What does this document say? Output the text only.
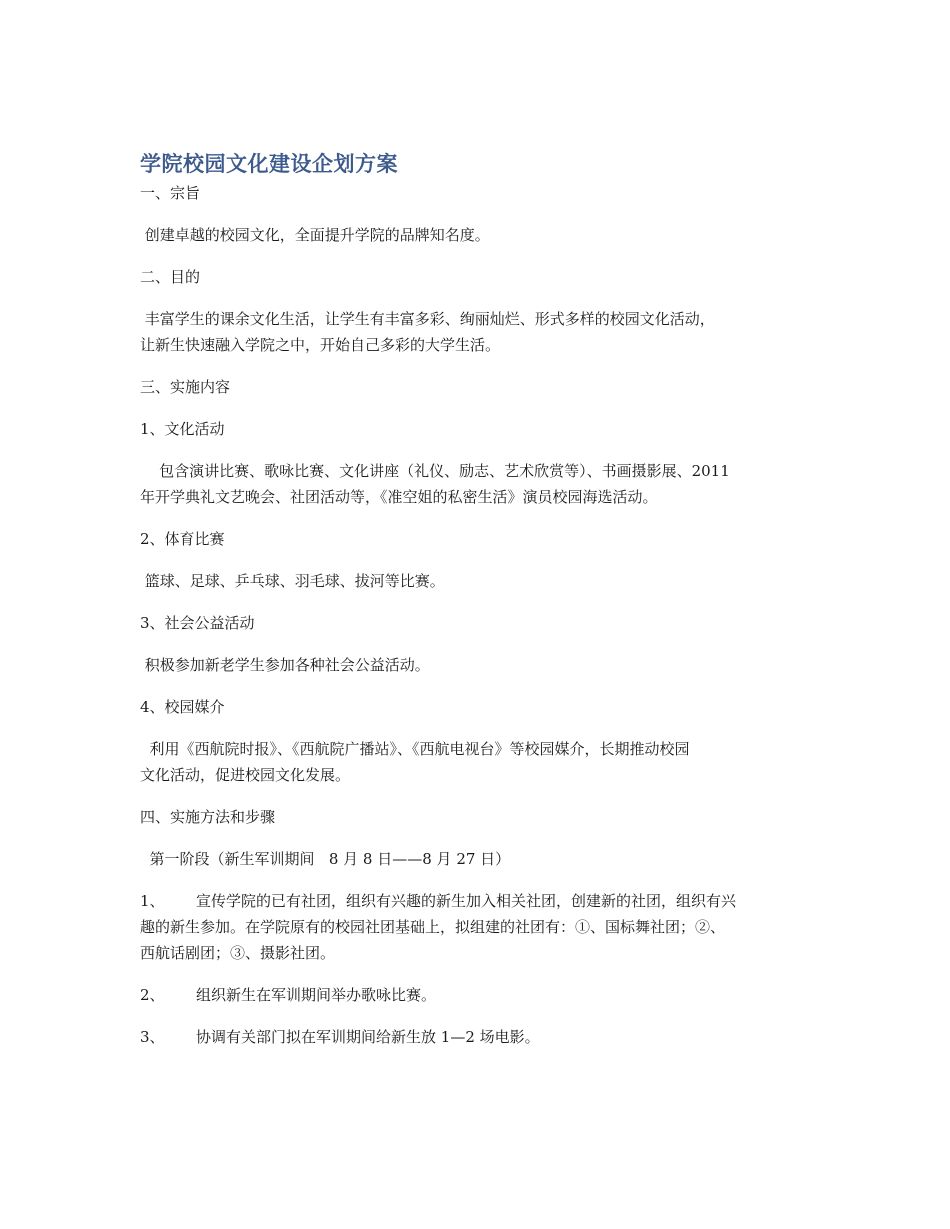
学院校园文化建设企划方案

一、宗旨

创建卓越的校园文化，全面提升学院的品牌知名度。

二、目的

丰富学生的课余文化生活，让学生有丰富多彩、绚丽灿烂、形式多样的校园文化活动，

让新生快速融入学院之中，开始自己多彩的大学生活。

三、实施内容

1、文化活动

包含演讲比赛、歌咏比赛、文化讲座（礼仪、励志、艺术欣赏等）、书画摄影展、2011

年开学典礼文艺晚会、社团活动等，《准空姐的私密生活》演员校园海选活动。

2、体育比赛

篮球、足球、乒乓球、羽毛球、拔河等比赛。

3、社会公益活动

积极参加新老学生参加各种社会公益活动。

4、校园媒介

利用《西航院时报》、《西航院广播站》、《西航电视台》等校园媒介，长期推动校园

文化活动，促进校园文化发展。

四、实施方法和步骤

第一阶段（新生军训期间   8 月 8 日——8 月 27 日）

1、	宣传学院的已有社团，组织有兴趣的新生加入相关社团，创建新的社团，组织有兴

趣的新生参加。在学院原有的校园社团基础上，拟组建的社团有：①、国标舞社团；②、

西航话剧团；③、摄影社团。

2、	组织新生在军训期间举办歌咏比赛。

3、	协调有关部门拟在军训期间给新生放 1—2 场电影。
